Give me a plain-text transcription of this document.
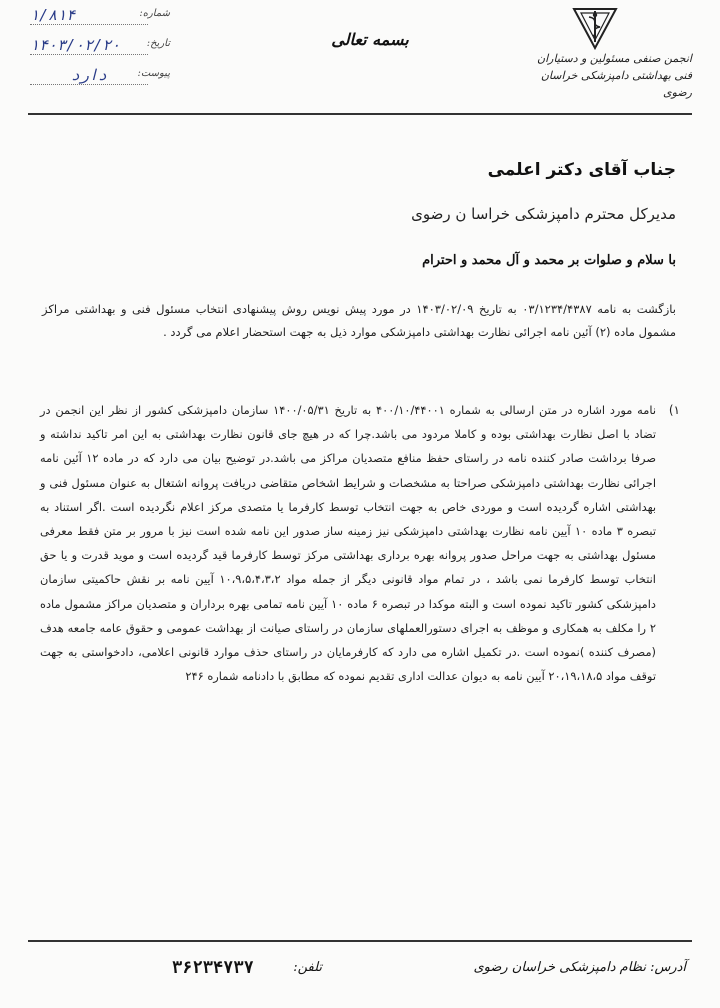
انجمن صنفی مسئولین و دستیاران فنی بهداشتی دامپزشکی خراسان رضوی
بسمه تعالی
شماره:
۱/۸۱۴
تاریخ:
۱۴۰۳/۰۲/۲۰
پیوست:
دارد
جناب آقای دکتر اعلمی
مدیرکل محترم دامپزشکی خراسا ن رضوی
با سلام و صلوات بر محمد و آل محمد و احترام

بازگشت به نامه ۰۳/۱۲۳۴/۴۳۸۷ به تاریخ ۱۴۰۳/۰۲/۰۹ در مورد پیش نویس روش پیشنهادی انتخاب مسئول فنی و بهداشتی مراکز مشمول ماده (۲) آئین نامه اجرائی نظارت بهداشتی دامپزشکی موارد ذیل به جهت استحضار اعلام می گردد .

۱)

نامه مورد اشاره در متن ارسالی به شماره ۴۰۰/۱۰/۴۴۰۰۱ به تاریخ ۱۴۰۰/۰۵/۳۱ سازمان دامپزشکی کشور از نظر این انجمن در تضاد با اصل نظارت بهداشتی بوده و کاملا مردود می باشد.چرا که در هیچ جای قانون نظارت بهداشتی به این امر تاکید نداشته و صرفا برداشت صادر کننده نامه در راستای حفظ منافع متصدیان مراکز می باشد.در توضیح بیان می دارد که در ماده ۱۲ آئین نامه اجرائی نظارت بهداشتی دامپزشکی صراحتا به مشخصات و شرایط اشخاص متقاضی دریافت پروانه اشتغال به عنوان مسئول فنی و بهداشتی اشاره گردیده است و موردی خاص به جهت انتخاب توسط کارفرما یا متصدی مرکز اعلام نگردیده است .اگر استناد به تبصره ۳ ماده ۱۰ آیین نامه نظارت بهداشتی دامپزشکی نیز زمینه ساز صدور این نامه شده است نیز با مرور بر متن فقط معرفی مسئول بهداشتی به جهت مراحل صدور پروانه بهره برداری بهداشتی مرکز توسط کارفرما قید گردیده است و موید قدرت و یا حق انتخاب توسط کارفرما نمی باشد ، در تمام مواد قانونی دیگر از جمله مواد ۱۰،۹،۵،۴،۳،۲ آیین نامه بر نقش حاکمیتی سازمان دامپزشکی کشور تاکید نموده است و البته موکدا در تبصره ۶ ماده ۱۰ آیین نامه تمامی بهره برداران و متصدیان مراکز مشمول ماده ۲ را مکلف به همکاری و موظف به اجرای دستورالعملهای سازمان در راستای صیانت از بهداشت عمومی و حقوق عامه جامعه هدف (مصرف کننده )نموده است .در تکمیل اشاره می دارد که کارفرمایان در راستای حذف موارد قانونی اعلامی، دادخواستی به جهت توقف مواد ۲۰،۱۹،۱۸،۵ آیین نامه به دیوان عدالت اداری تقدیم نموده که مطابق با دادنامه شماره ۲۴۶

آدرس: نظام دامپزشکی خراسان رضوی
تلفن:
۳۶۲۳۴۷۳۷
